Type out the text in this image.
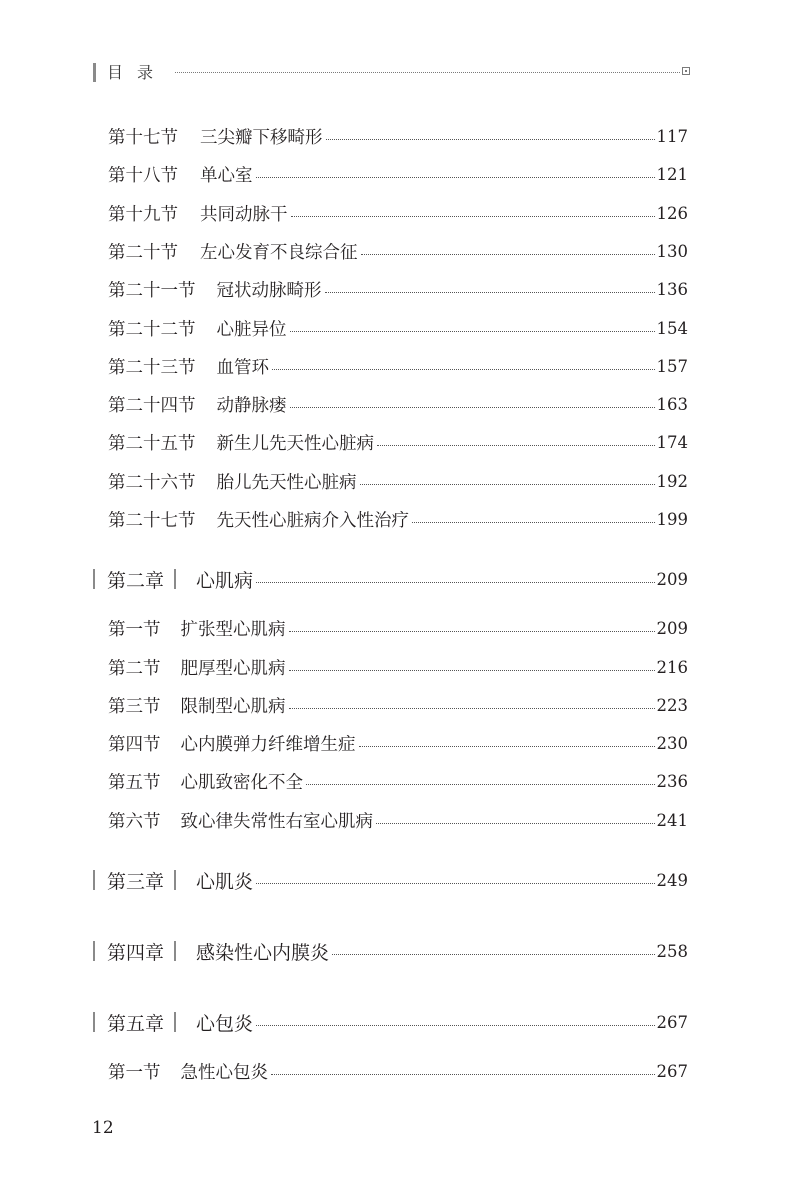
目录
第十七节 三尖瓣下移畸形	117
第十八节 单心室	121
第十九节 共同动脉干	126
第二十节 左心发育不良综合征	130
第二十一节 冠状动脉畸形	136
第二十二节 心脏异位	154
第二十三节 血管环	157
第二十四节 动静脉瘘	163
第二十五节 新生儿先天性心脏病	174
第二十六节 胎儿先天性心脏病	192
第二十七节 先天性心脏病介入性治疗	199
第二章 心肌病	209
第一节 扩张型心肌病	209
第二节 肥厚型心肌病	216
第三节 限制型心肌病	223
第四节 心内膜弹力纤维增生症	230
第五节 心肌致密化不全	236
第六节 致心律失常性右室心肌病	241
第三章 心肌炎	249
第四章 感染性心内膜炎	258
第五章 心包炎	267
第一节 急性心包炎	267
12
